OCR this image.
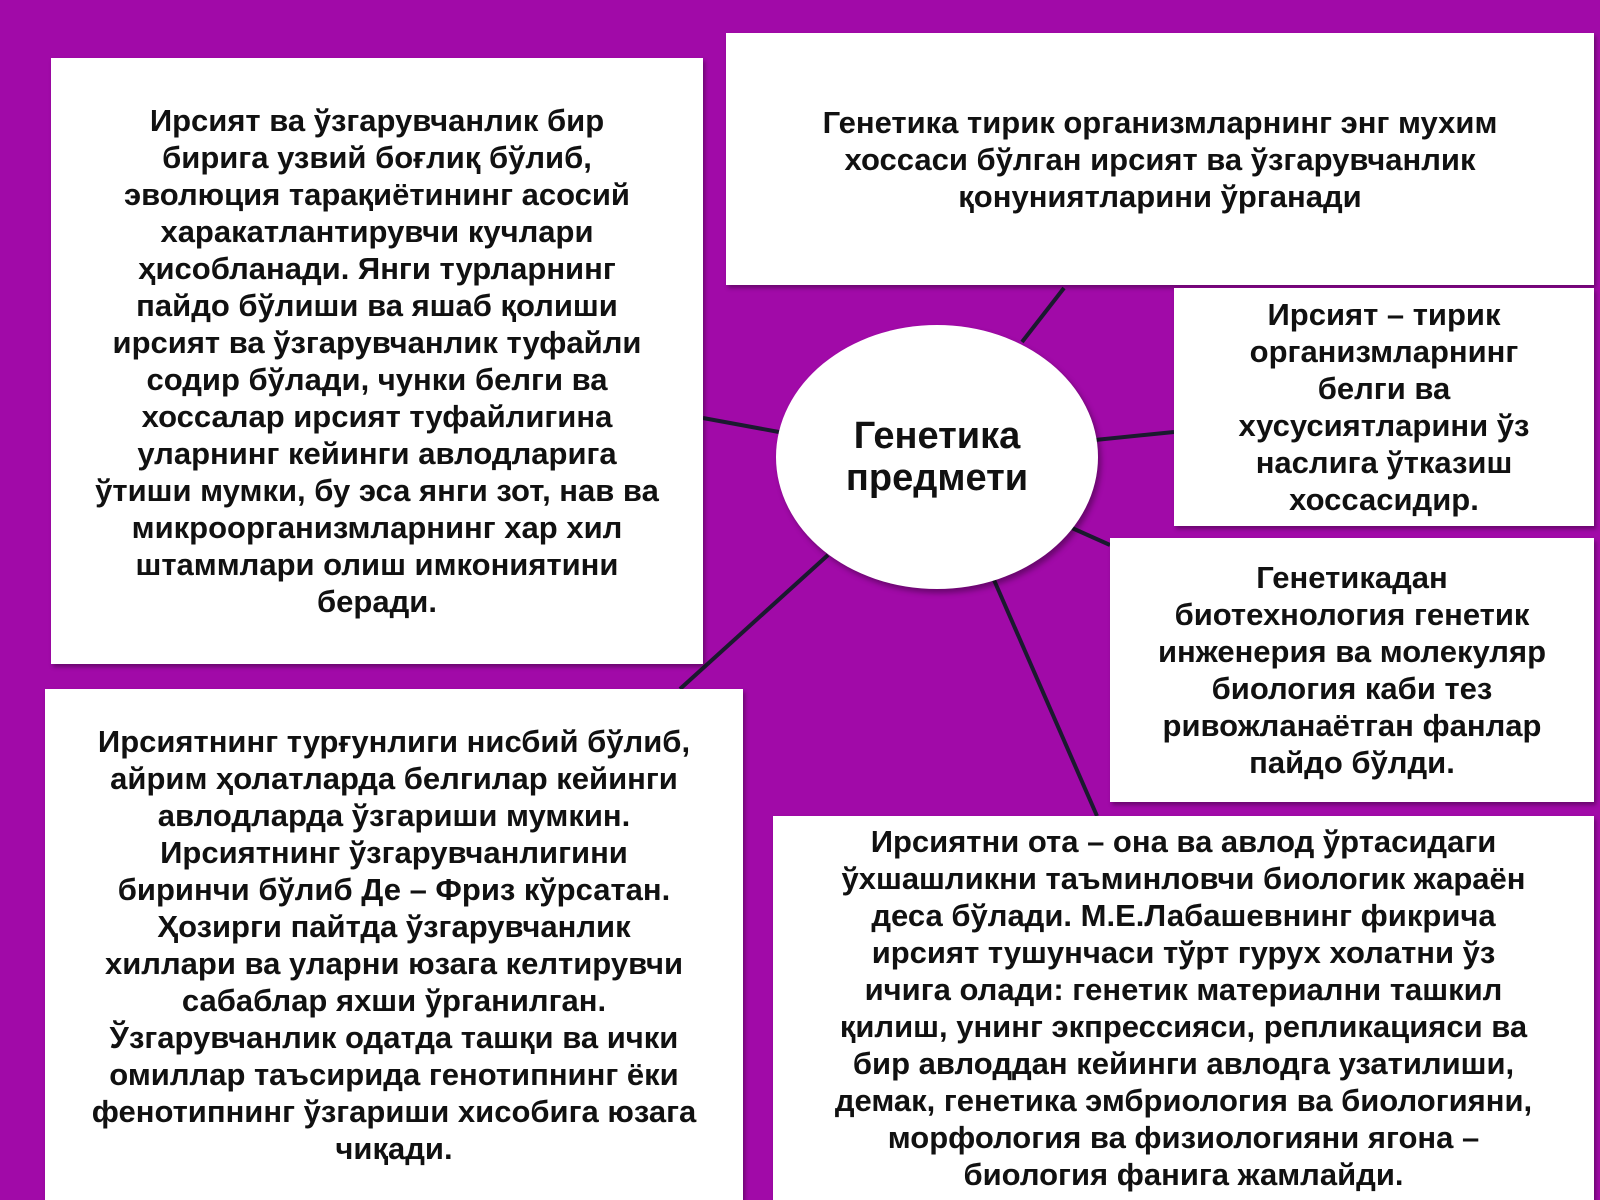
Ирсият ва ўзгарувчанлик бир
бирига узвий боғлиқ бўлиб,
эволюция тарақиётининг асосий
харакатлантирувчи кучлари
ҳисобланади. Янги турларнинг
пайдо бўлиши ва яшаб қолиши
ирсият ва ўзгарувчанлик туфайли
содир бўлади, чунки белги ва
хоссалар ирсият туфайлигина
уларнинг кейинги авлодларига
ўтиши мумки, бу эса янги зот, нав ва
микроорганизмларнинг хар хил
штаммлари олиш имкониятини
беради.
Генетика тирик организмларнинг энг мухим
хоссаси бўлган ирсият ва ўзгарувчанлик
қонуниятларини ўрганади
Ирсият – тирик
организмларнинг
белги ва
хусусиятларини ўз
наслига ўтказиш
хоссасидир.
Генетикадан
биотехнология генетик
инженерия ва молекуляр
биология каби тез
ривожланаётган фанлар
пайдо бўлди.
Ирсиятнинг турғунлиги нисбий бўлиб,
айрим ҳолатларда белгилар кейинги
авлодларда ўзгариши мумкин.
Ирсиятнинг ўзгарувчанлигини
биринчи бўлиб Де – Фриз кўрсатан.
Ҳозирги пайтда ўзгарувчанлик
хиллари ва уларни юзага келтирувчи
сабаблар яхши ўрганилган.
Ўзгарувчанлик одатда ташқи ва ички
омиллар таъсирида генотипнинг ёки
фенотипнинг ўзгариши хисобига юзага
чиқади.
Ирсиятни ота – она ва авлод ўртасидаги
ўхшашликни таъминловчи биологик жараён
деса бўлади. М.Е.Лабашевнинг фикрича
ирсият тушунчаси тўрт гурух холатни ўз
ичига олади: генетик материални ташкил
қилиш, унинг экпрессияси, репликацияси ва
бир авлоддан кейинги авлодга узатилиши,
демак, генетика эмбриология ва биологияни,
морфология ва физиологияни ягона –
биология фанига жамлайди.
Генетика предмети
